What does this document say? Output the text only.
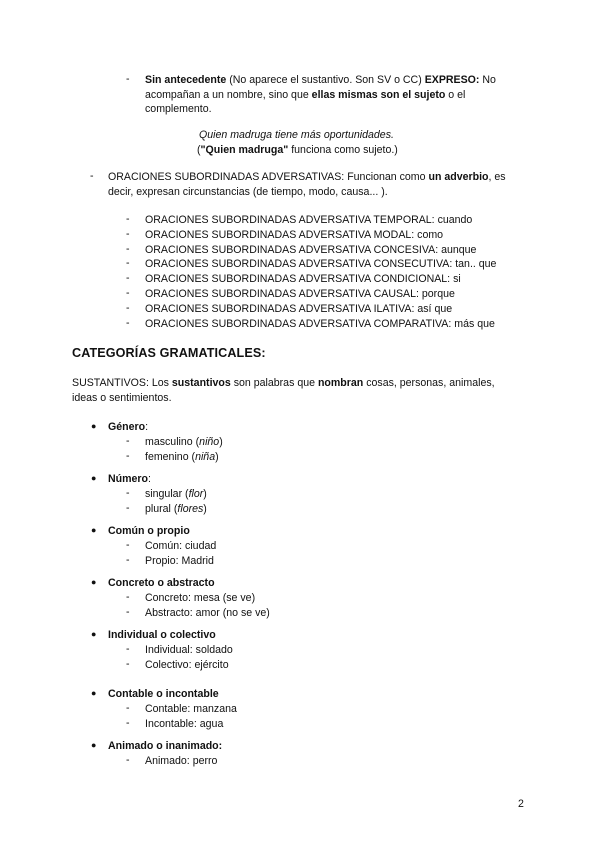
-	Sin antecedente (No aparece el sustantivo. Son SV o CC) EXPRESO: No
acompañan a un nombre, sino que ellas mismas son el sujeto o el
complemento.
Quien madruga tiene más oportunidades.
("Quien madruga" funciona como sujeto.)
-	ORACIONES SUBORDINADAS ADVERSATIVAS: Funcionan como un adverbio, es
decir, expresan circunstancias (de tiempo, modo, causa... ).
-	ORACIONES SUBORDINADAS ADVERSATIVA TEMPORAL: cuando
-	ORACIONES SUBORDINADAS ADVERSATIVA MODAL: como
-	ORACIONES SUBORDINADAS ADVERSATIVA CONCESIVA: aunque
-	ORACIONES SUBORDINADAS ADVERSATIVA CONSECUTIVA: tan.. que
-	ORACIONES SUBORDINADAS ADVERSATIVA CONDICIONAL: si
-	ORACIONES SUBORDINADAS ADVERSATIVA CAUSAL: porque
-	ORACIONES SUBORDINADAS ADVERSATIVA ILATIVA: así que
-	ORACIONES SUBORDINADAS ADVERSATIVA COMPARATIVA: más que
CATEGORÍAS GRAMATICALES:
SUSTANTIVOS: Los sustantivos son palabras que nombran cosas, personas, animales,
ideas o sentimientos.
● Género:
-	masculino (niño)
-	femenino (niña)
● Número:
-	singular (flor)
-	plural (flores)
● Común o propio
-	Común: ciudad
-	Propio: Madrid
● Concreto o abstracto
-	Concreto: mesa (se ve)
-	Abstracto: amor (no se ve)
● Individual o colectivo
-	Individual: soldado
-	Colectivo: ejército
● Contable o incontable
-	Contable: manzana
-	Incontable: agua
● Animado o inanimado:
-	Animado: perro
2
